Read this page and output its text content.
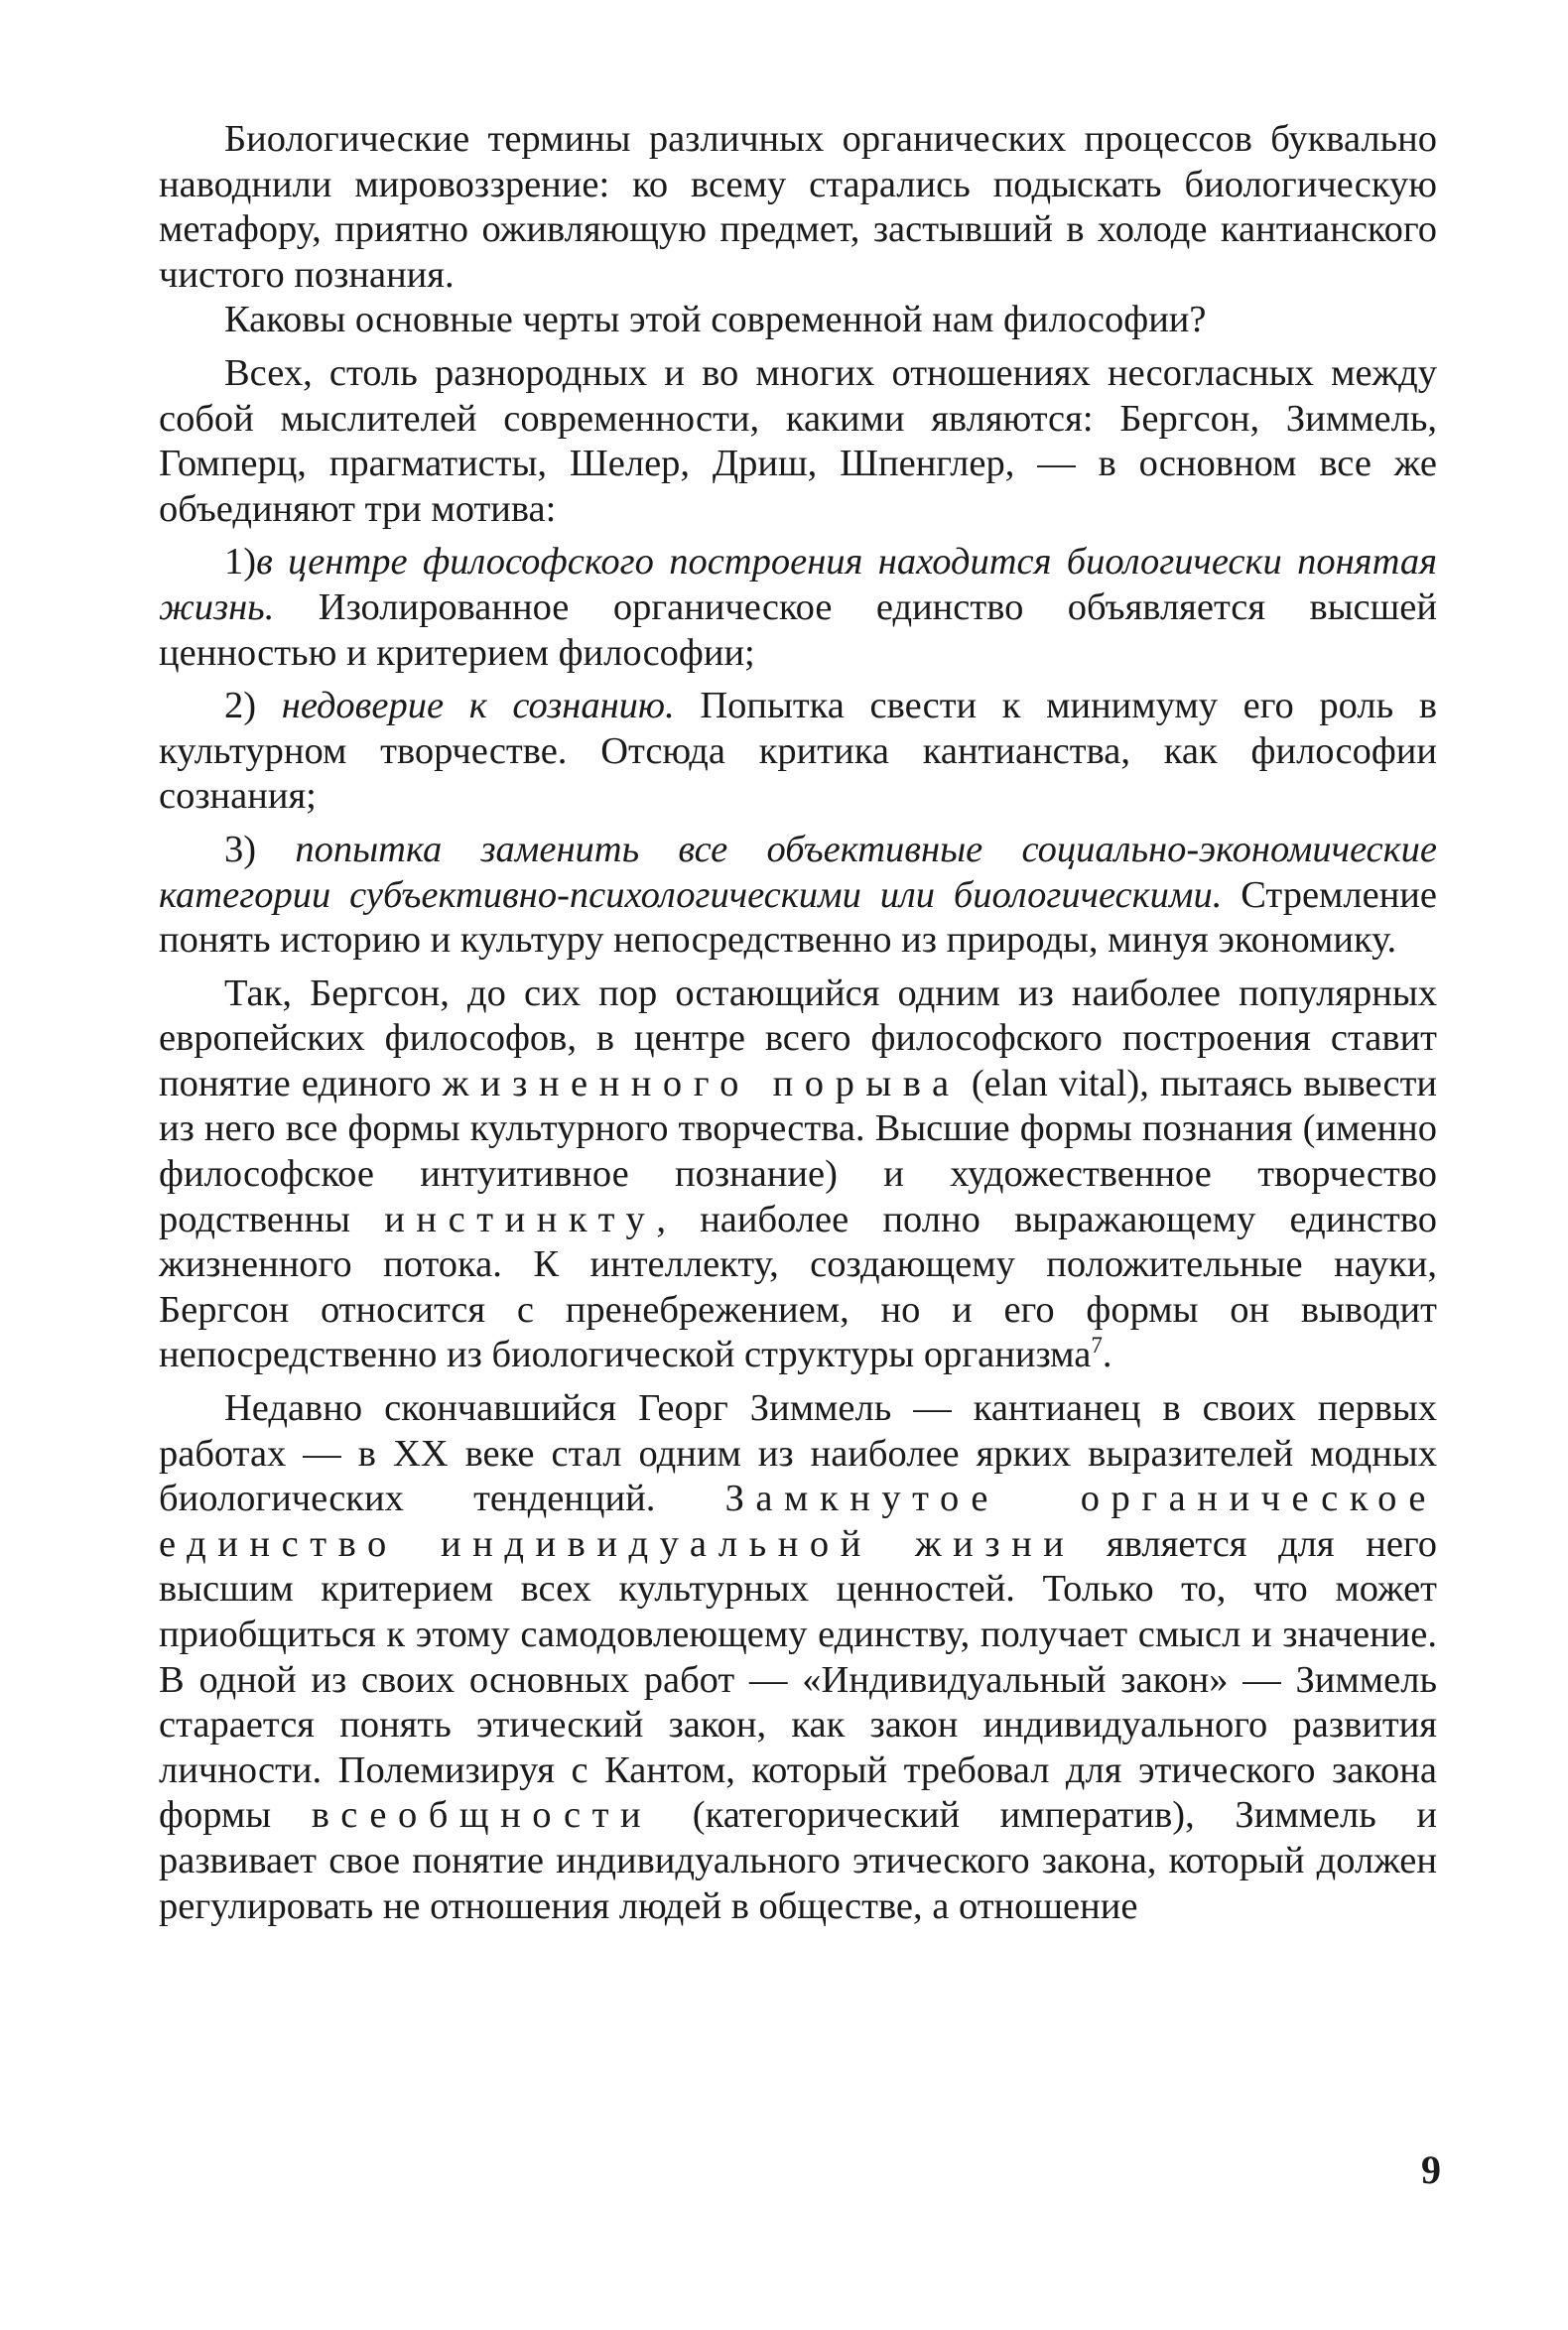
Биологические термины различных органических процессов буквально наводнили мировоззрение: ко всему старались подыскать биологическую метафору, приятно оживляющую предмет, застывший в холоде кантианского чистого познания.

Каковы основные черты этой современной нам философии?

Всех, столь разнородных и во многих отношениях несогласных между собой мыслителей современности, какими являются: Бергсон, Зиммель, Гомперц, прагматисты, Шелер, Дриш, Шпенглер, — в основном все же объединяют три мотива:

1)в центре философского построения находится биологически понятая жизнь. Изолированное органическое единство объявляется высшей ценностью и критерием философии;

2) недоверие к сознанию. Попытка свести к минимуму его роль в культурном творчестве. Отсюда критика кантианства, как философии сознания;

3) попытка заменить все объективные социально-экономические категории субъективно-психологическими или биологическими. Стремление понять историю и культуру непосредственно из природы, минуя экономику.

Так, Бергсон, до сих пор остающийся одним из наиболее популярных европейских философов, в центре всего философского построения ставит понятие единого жизненного порыва (elan vital), пытаясь вывести из него все формы культурного творчества. Высшие формы познания (именно философское интуитивное познание) и художественное творчество родственны инстинкту, наиболее полно выражающему единство жизненного потока. К интеллекту, создающему положительные науки, Бергсон относится с пренебрежением, но и его формы он выводит непосредственно из биологической структуры организма$^7$.

Недавно скончавшийся Георг Зиммель — кантианец в своих первых работах — в XX веке стал одним из наиболее ярких выразителей модных биологических тенденций. Замкнутое органическое единство индивидуальной жизни является для него высшим критерием всех культурных ценностей. Только то, что может приобщиться к этому самодовлеющему единству, получает смысл и значение. В одной из своих основных работ — «Индивидуальный закон» — Зиммель старается понять этический закон, как закон индивидуального развития личности. Полемизируя с Кантом, который требовал для этического закона формы всеобщности (категорический императив), Зиммель и развивает свое понятие индивидуального этического закона, который должен регулировать не отношения людей в обществе, а отношение

9
